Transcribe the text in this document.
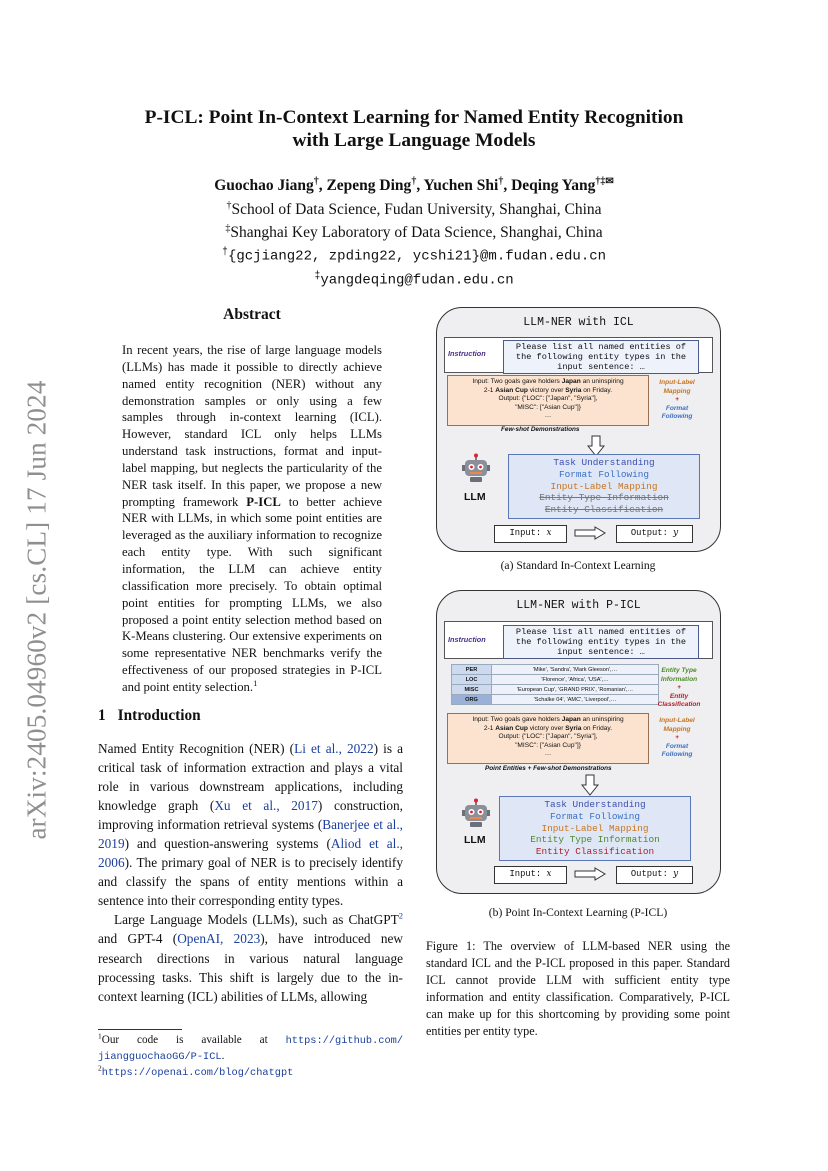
arXiv:2405.04960v2 [cs.CL] 17 Jun 2024
P-ICL: Point In-Context Learning for Named Entity Recognition
with Large Language Models
Guochao Jiang†, Zepeng Ding†, Yuchen Shi†, Deqing Yang†‡✉
†School of Data Science, Fudan University, Shanghai, China
‡Shanghai Key Laboratory of Data Science, Shanghai, China
†{gcjiang22, zpding22, ycshi21}@m.fudan.edu.cn
‡yangdeqing@fudan.edu.cn
Abstract

In recent years, the rise of large language models (LLMs) has made it possible to directly achieve named entity recognition (NER) without any demonstration samples or only using a few samples through in-context learning (ICL). However, standard ICL only helps LLMs understand task instructions, format and input-label mapping, but neglects the particularity of the NER task itself. In this paper, we propose a new prompting framework P-ICL to better achieve NER with LLMs, in which some point entities are leveraged as the auxiliary information to recognize each entity type. With such significant information, the LLM can achieve entity classification more precisely. To obtain optimal point entities for prompting LLMs, we also proposed a point entity selection method based on K-Means clustering. Our extensive experiments on some representative NER benchmarks verify the effectiveness of our proposed strategies in P-ICL and point entity selection.$^1$

1 Introduction

Named Entity Recognition (NER) (Li et al., 2022) is a critical task of information extraction and plays a vital role in various downstream applications, including knowledge graph (Xu et al., 2017) construction, improving information retrieval systems (Banerjee et al., 2019) and question-answering systems (Aliod et al., 2006). The primary goal of NER is to precisely identify and classify the spans of entity mentions within a sentence into their corresponding entity types.

Large Language Models (LLMs), such as ChatGPT$^2$ and GPT-4 (OpenAI, 2023), have introduced new research directions in various natural language processing tasks. This shift is largely due to the in-context learning (ICL) abilities of LLMs, allowing

$^1$Our code is available at https://github.com/ jiangguochaoGG/P-ICL.

$^2$https://openai.com/blog/chatgpt

LLM-NER with ICL
Instruction
Please list all named entities of the following entity types in the input sentence: …
Input: Two goals gave holders Japan an uninspiring
2-1 Asian Cup victory over Syria on Friday.
Output: {"LOC": ["Japan", "Syria"],
"MISC": ["Asian Cup"]}
…
Input-Label
Mapping
+
Format
Following
Few-shot Demonstrations
LLM
Task Understanding
Format Following
Input-Label Mapping
Entity Type Information
Entity Classification
Input: x	Output: y
(a) Standard In-Context Learning
LLM-NER with P-ICL
Instruction
Please list all named entities of the following entity types in the input sentence: …
PER	'Mike', 'Sandra', 'Mark Gleeson',…
LOC	'Florence', 'Africa', 'USA',…
MISC	'European Cup', 'GRAND PRIX', 'Romanian',…
ORG	'Schalke 04', 'AMC', 'Liverpool',…
Entity Type
Information
+
Entity
Classification
Input: Two goals gave holders Japan an uninspiring
2-1 Asian Cup victory over Syria on Friday.
Output: {"LOC": ["Japan", "Syria"],
"MISC": ["Asian Cup"]}
…
Input-Label
Mapping
+
Format
Following
Point Entities + Few-shot Demonstrations
LLM
Task Understanding
Format Following
Input-Label Mapping
Entity Type Information
Entity Classification
Input: x	Output: y
(b) Point In-Context Learning (P-ICL)

Figure 1: The overview of LLM-based NER using the standard ICL and the P-ICL proposed in this paper. Standard ICL cannot provide LLM with sufficient entity type information and entity classification. Comparatively, P-ICL can make up for this shortcoming by providing some point entities per entity type.
